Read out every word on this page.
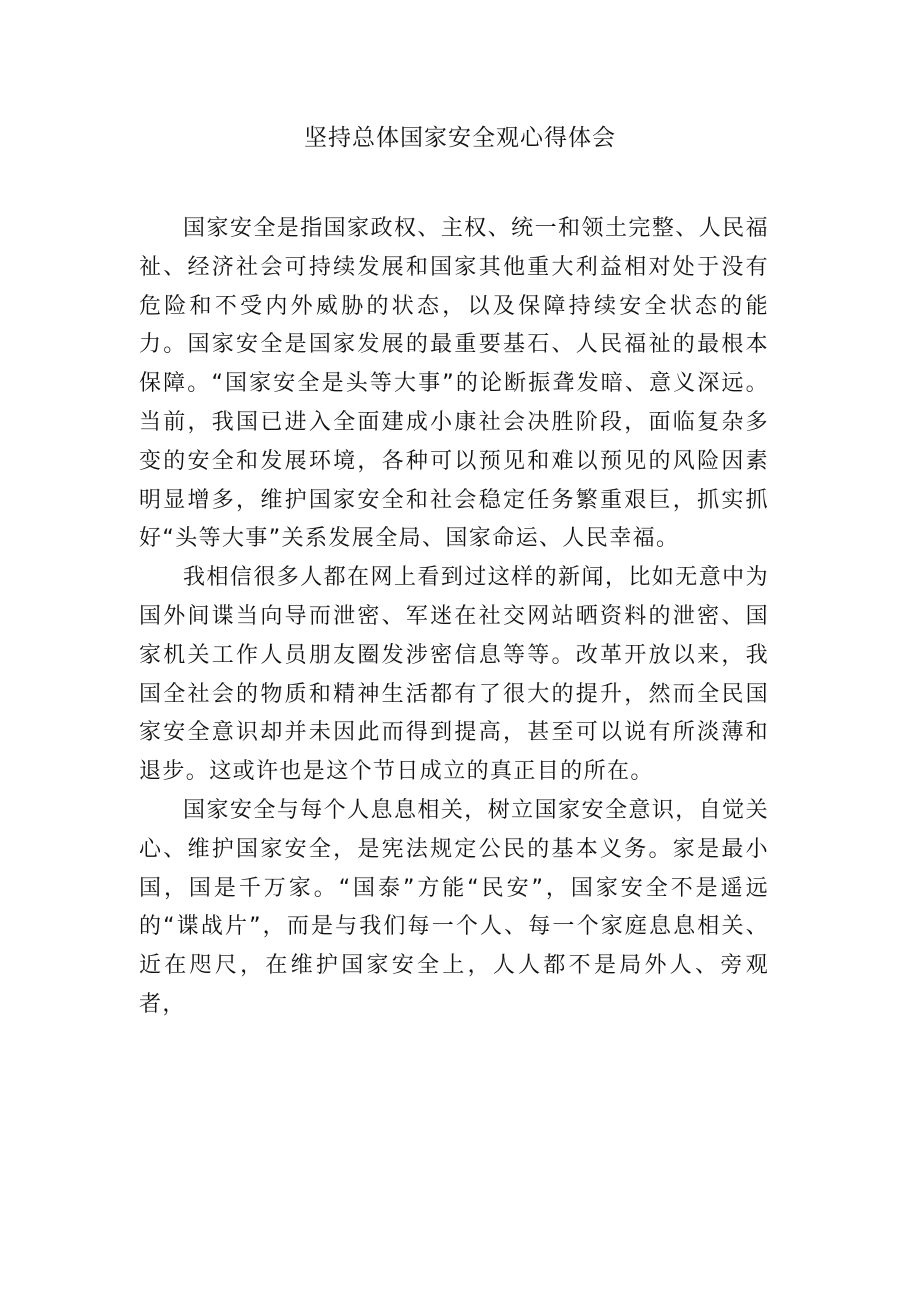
坚持总体国家安全观心得体会

国家安全是指国家政权、主权、统一和领土完整、人民福祉、经济社会可持续发展和国家其他重大利益相对处于没有危险和不受内外威胁的状态，以及保障持续安全状态的能力。国家安全是国家发展的最重要基石、人民福祉的最根本保障。“国家安全是头等大事”的论断振聋发暗、意义深远。当前，我国已进入全面建成小康社会决胜阶段，面临复杂多变的安全和发展环境，各种可以预见和难以预见的风险因素明显增多，维护国家安全和社会稳定任务繁重艰巨，抓实抓好“头等大事”关系发展全局、国家命运、人民幸福。

我相信很多人都在网上看到过这样的新闻，比如无意中为国外间谍当向导而泄密、军迷在社交网站晒资料的泄密、国家机关工作人员朋友圈发涉密信息等等。改革开放以来，我国全社会的物质和精神生活都有了很大的提升，然而全民国家安全意识却并未因此而得到提高，甚至可以说有所淡薄和退步。这或许也是这个节日成立的真正目的所在。

国家安全与每个人息息相关，树立国家安全意识，自觉关心、维护国家安全，是宪法规定公民的基本义务。家是最小国，国是千万家。“国泰”方能“民安”，国家安全不是遥远的“谍战片”，而是与我们每一个人、每一个家庭息息相关、近在咫尺，在维护国家安全上，人人都不是局外人、旁观者，
